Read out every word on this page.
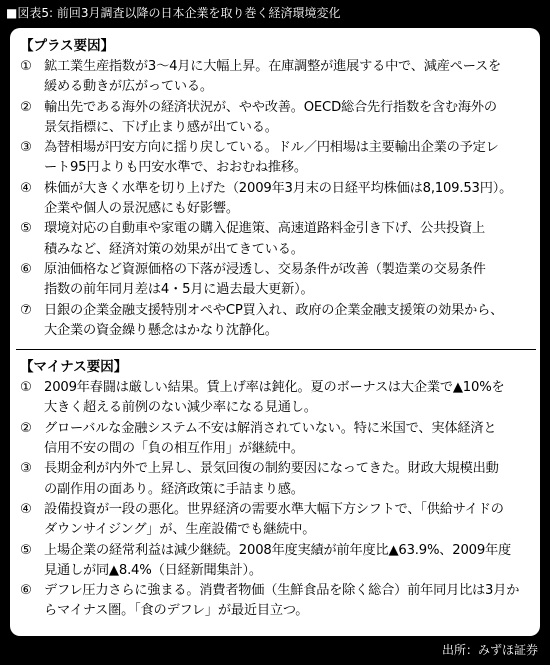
■図表5: 前回3月調査以降の日本企業を取り巻く経済環境変化
【プラス要因】
① 鉱工業生産指数が3～4月に大幅上昇。在庫調整が進展する中で、減産ペースを
緩める動きが広がっている。
② 輸出先である海外の経済状況が、やや改善。OECD総合先行指数を含む海外の
景気指標に、下げ止まり感が出ている。
③ 為替相場が円安方向に揺り戻している。ドル／円相場は主要輸出企業の予定レ
ート95円よりも円安水準で、おおむね推移。
④ 株価が大きく水準を切り上げた（2009年3月末の日経平均株価は8,109.53円）。
企業や個人の景況感にも好影響。
⑤ 環境対応の自動車や家電の購入促進策、高速道路料金引き下げ、公共投資上
積みなど、経済対策の効果が出てきている。
⑥ 原油価格など資源価格の下落が浸透し、交易条件が改善（製造業の交易条件
指数の前年同月差は4・5月に過去最大更新）。
⑦ 日銀の企業金融支援特別オペやCP買入れ、政府の企業金融支援策の効果から、
大企業の資金繰り懸念はかなり沈静化。
【マイナス要因】
① 2009年春闘は厳しい結果。賃上げ率は鈍化。夏のボーナスは大企業で▲10%を
大きく超える前例のない減少率になる見通し。
② グローバルな金融システム不安は解消されていない。特に米国で、実体経済と
信用不安の間の「負の相互作用」が継続中。
③ 長期金利が内外で上昇し、景気回復の制約要因になってきた。財政大規模出動
の副作用の面あり。経済政策に手詰まり感。
④ 設備投資が一段の悪化。世界経済の需要水準大幅下方シフトで、「供給サイドの
ダウンサイジング」が、生産設備でも継続中。
⑤ 上場企業の経常利益は減少継続。2008年度実績が前年度比▲63.9%、2009年度
見通しが同▲8.4%（日経新聞集計）。
⑥ デフレ圧力さらに強まる。消費者物価（生鮮食品を除く総合）前年同月比は3月か
らマイナス圏。「食のデフレ」が最近目立つ。
出所：みずほ証券
